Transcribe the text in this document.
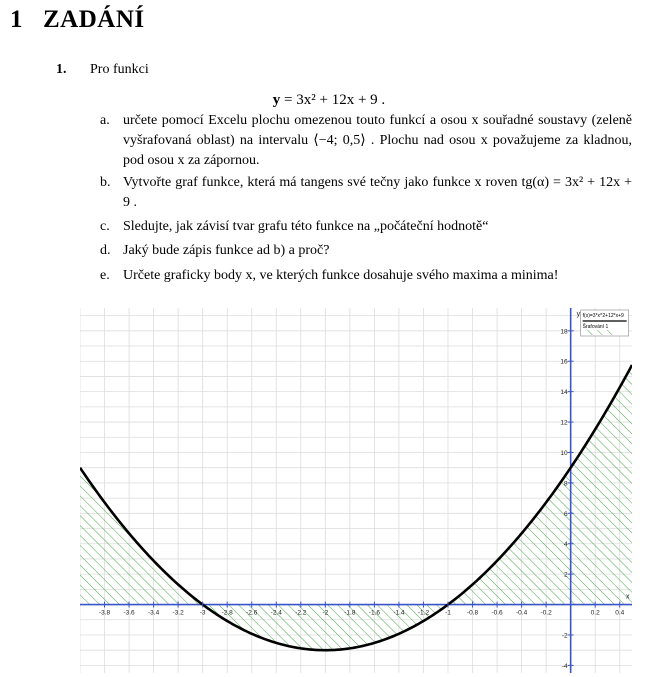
1 ZADÁNÍ
1. Pro funkci
y = 3x² + 12x + 9 .
a. určete pomocí Excelu plochu omezenou touto funkcí a osou x souřadné soustavy (zeleně vyšrafovaná oblast) na intervalu ⟨−4; 0,5⟩ . Plochu nad osou x považujeme za kladnou, pod osou x za zápornou.
b. Vytvořte graf funkce, která má tangens své tečny jako funkce x roven tg(α) = 3x² + 12x + 9 .
c. Sledujte, jak závisí tvar grafu této funkce na „počáteční hodnotě“
d. Jaký bude zápis funkce ad b) a proč?
e. Určete graficky body x, ve kterých funkce dosahuje svého maxima a minima!
-3.8 -3.6 -3.4 -3.2 -3 -2.8 -2.6 -2.4 -2.2 -2 -1.8 -1.6 -1.4 -1.2 -1 -0.8 -0.6 -0.4 -0.2	0.2 0.4
-4
-2
2
4
6
8
10
12
14
16
18
x
y f(x)=3*x^2+12*x+9
Šrafování 1
